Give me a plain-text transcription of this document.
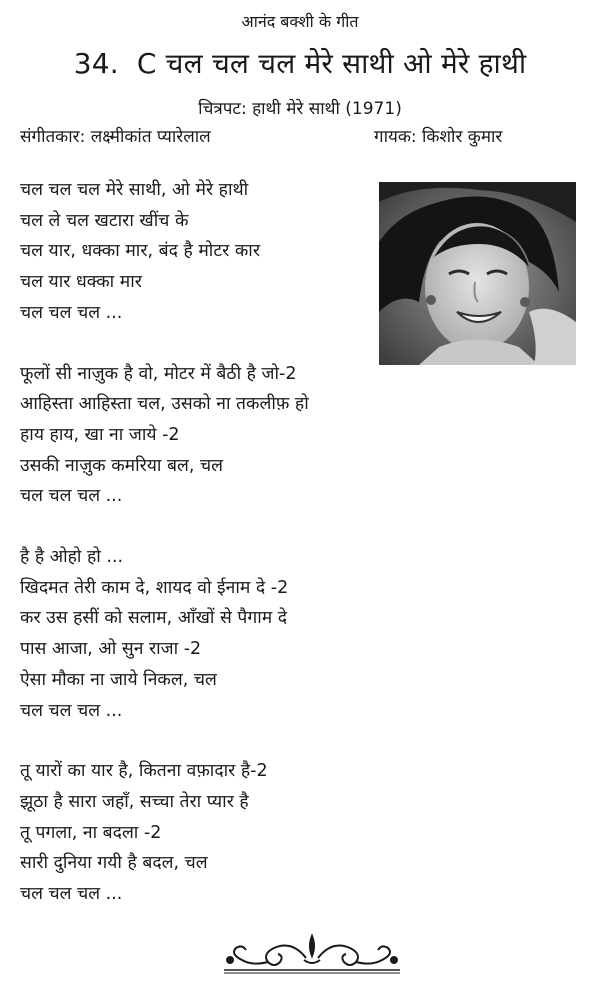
आनंद बक्शी के गीत
34. C चल चल चल मेरे साथी ओ मेरे हाथी
चित्रपट: हाथी मेरे साथी (1971)
संगीतकार: लक्ष्मीकांत प्यारेलाल	गायक: किशोर कुमार
चल चल चल मेरे साथी, ओ मेरे हाथी
चल ले चल खटारा खींच के
चल यार, धक्का मार, बंद है मोटर कार
चल यार धक्का मार
चल चल चल ...
फूलों सी नाज़ुक है वो, मोटर में बैठी है जो-2
आहिस्ता आहिस्ता चल, उसको ना तकलीफ़ हो
हाय हाय, खा ना जाये -2
उसकी नाज़ुक कमरिया बल, चल
चल चल चल ...
है है ओहो हो ...
खिदमत तेरी काम दे, शायद वो ईनाम दे -2
कर उस हसीं को सलाम, आँखों से पैगाम दे
पास आजा, ओ सुन राजा -2
ऐसा मौका ना जाये निकल, चल
चल चल चल ...
तू यारों का यार है, कितना वफ़ादार है-2
झूठा है सारा जहाँ, सच्चा तेरा प्यार है
तू पगला, ना बदला -2
सारी दुनिया गयी है बदल, चल
चल चल चल ...
